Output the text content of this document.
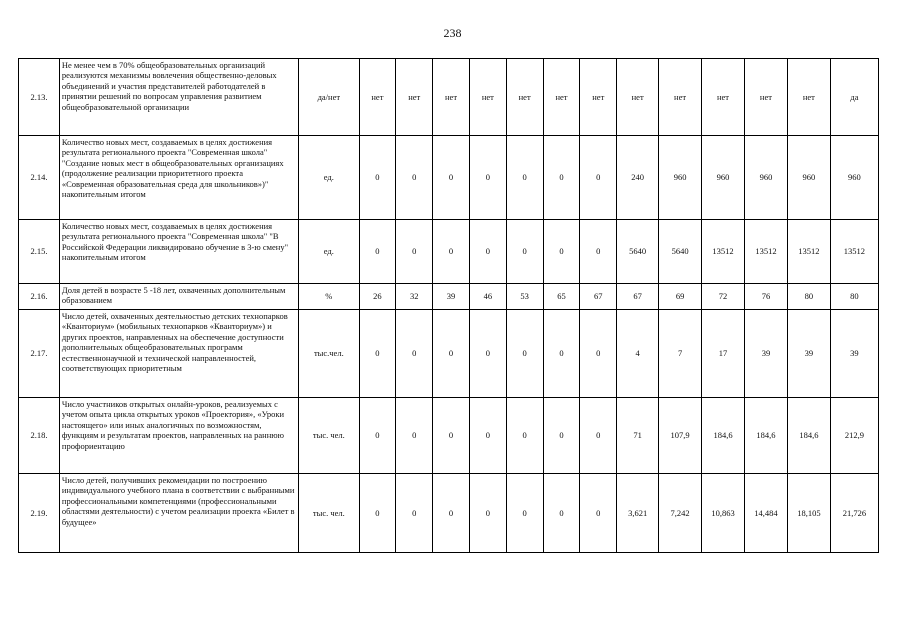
238
2.13.	Не менее чем в 70% общеобразовательных организаций реализуются механизмы вовлечения общественно-деловых объединений и участия представителей работодателей в принятии решений по вопросам управления развитием общеобразовательной организации	да/нет	нет	нет	нет	нет	нет	нет	нет	нет	нет	нет	нет	нет	да
2.14.	Количество новых мест, создаваемых в целях достижения результата регионального проекта "Современная школа" "Создание новых мест в общеобразовательных организациях (продолжение реализации приоритетного проекта «Современная образовательная среда для школьников»)" накопительным итогом	ед.	0	0	0	0	0	0	0	240	960	960	960	960	960
2.15.	Количество новых мест, создаваемых в целях достижения результата регионального проекта "Современная школа" "В Российской Федерации ликвидировано обучение в 3-ю смену" накопительным итогом	ед.	0	0	0	0	0	0	0	5640	5640	13512	13512	13512	13512
2.16.	Доля детей в возрасте 5 -18 лет, охваченных дополнительным образованием	%	26	32	39	46	53	65	67	67	69	72	76	80	80
2.17.	Число детей, охваченных деятельностью детских технопарков «Кванториум» (мобильных технопарков «Кванториум») и других проектов, направленных на обеспечение доступности дополнительных общеобразовательных программ естественнонаучной и технической направленностей, соответствующих приоритетным	тыс.чел.	0	0	0	0	0	0	0	4	7	17	39	39	39
2.18.	Число участников открытых онлайн-уроков, реализуемых с учетом опыта цикла открытых уроков «Проектория», «Уроки настоящего» или иных аналогичных по возможностям, функциям и результатам проектов, направленных на раннюю профориентацию	тыс. чел.	0	0	0	0	0	0	0	71	107,9	184,6	184,6	184,6	212,9
2.19.	Число детей, получивших рекомендации по построению индивидуального учебного плана в соответствии с выбранными профессиональными компетенциями (профессиональными областями деятельности) с учетом реализации проекта «Билет в будущее»	тыс. чел.	0	0	0	0	0	0	0	3,621	7,242	10,863	14,484	18,105	21,726
